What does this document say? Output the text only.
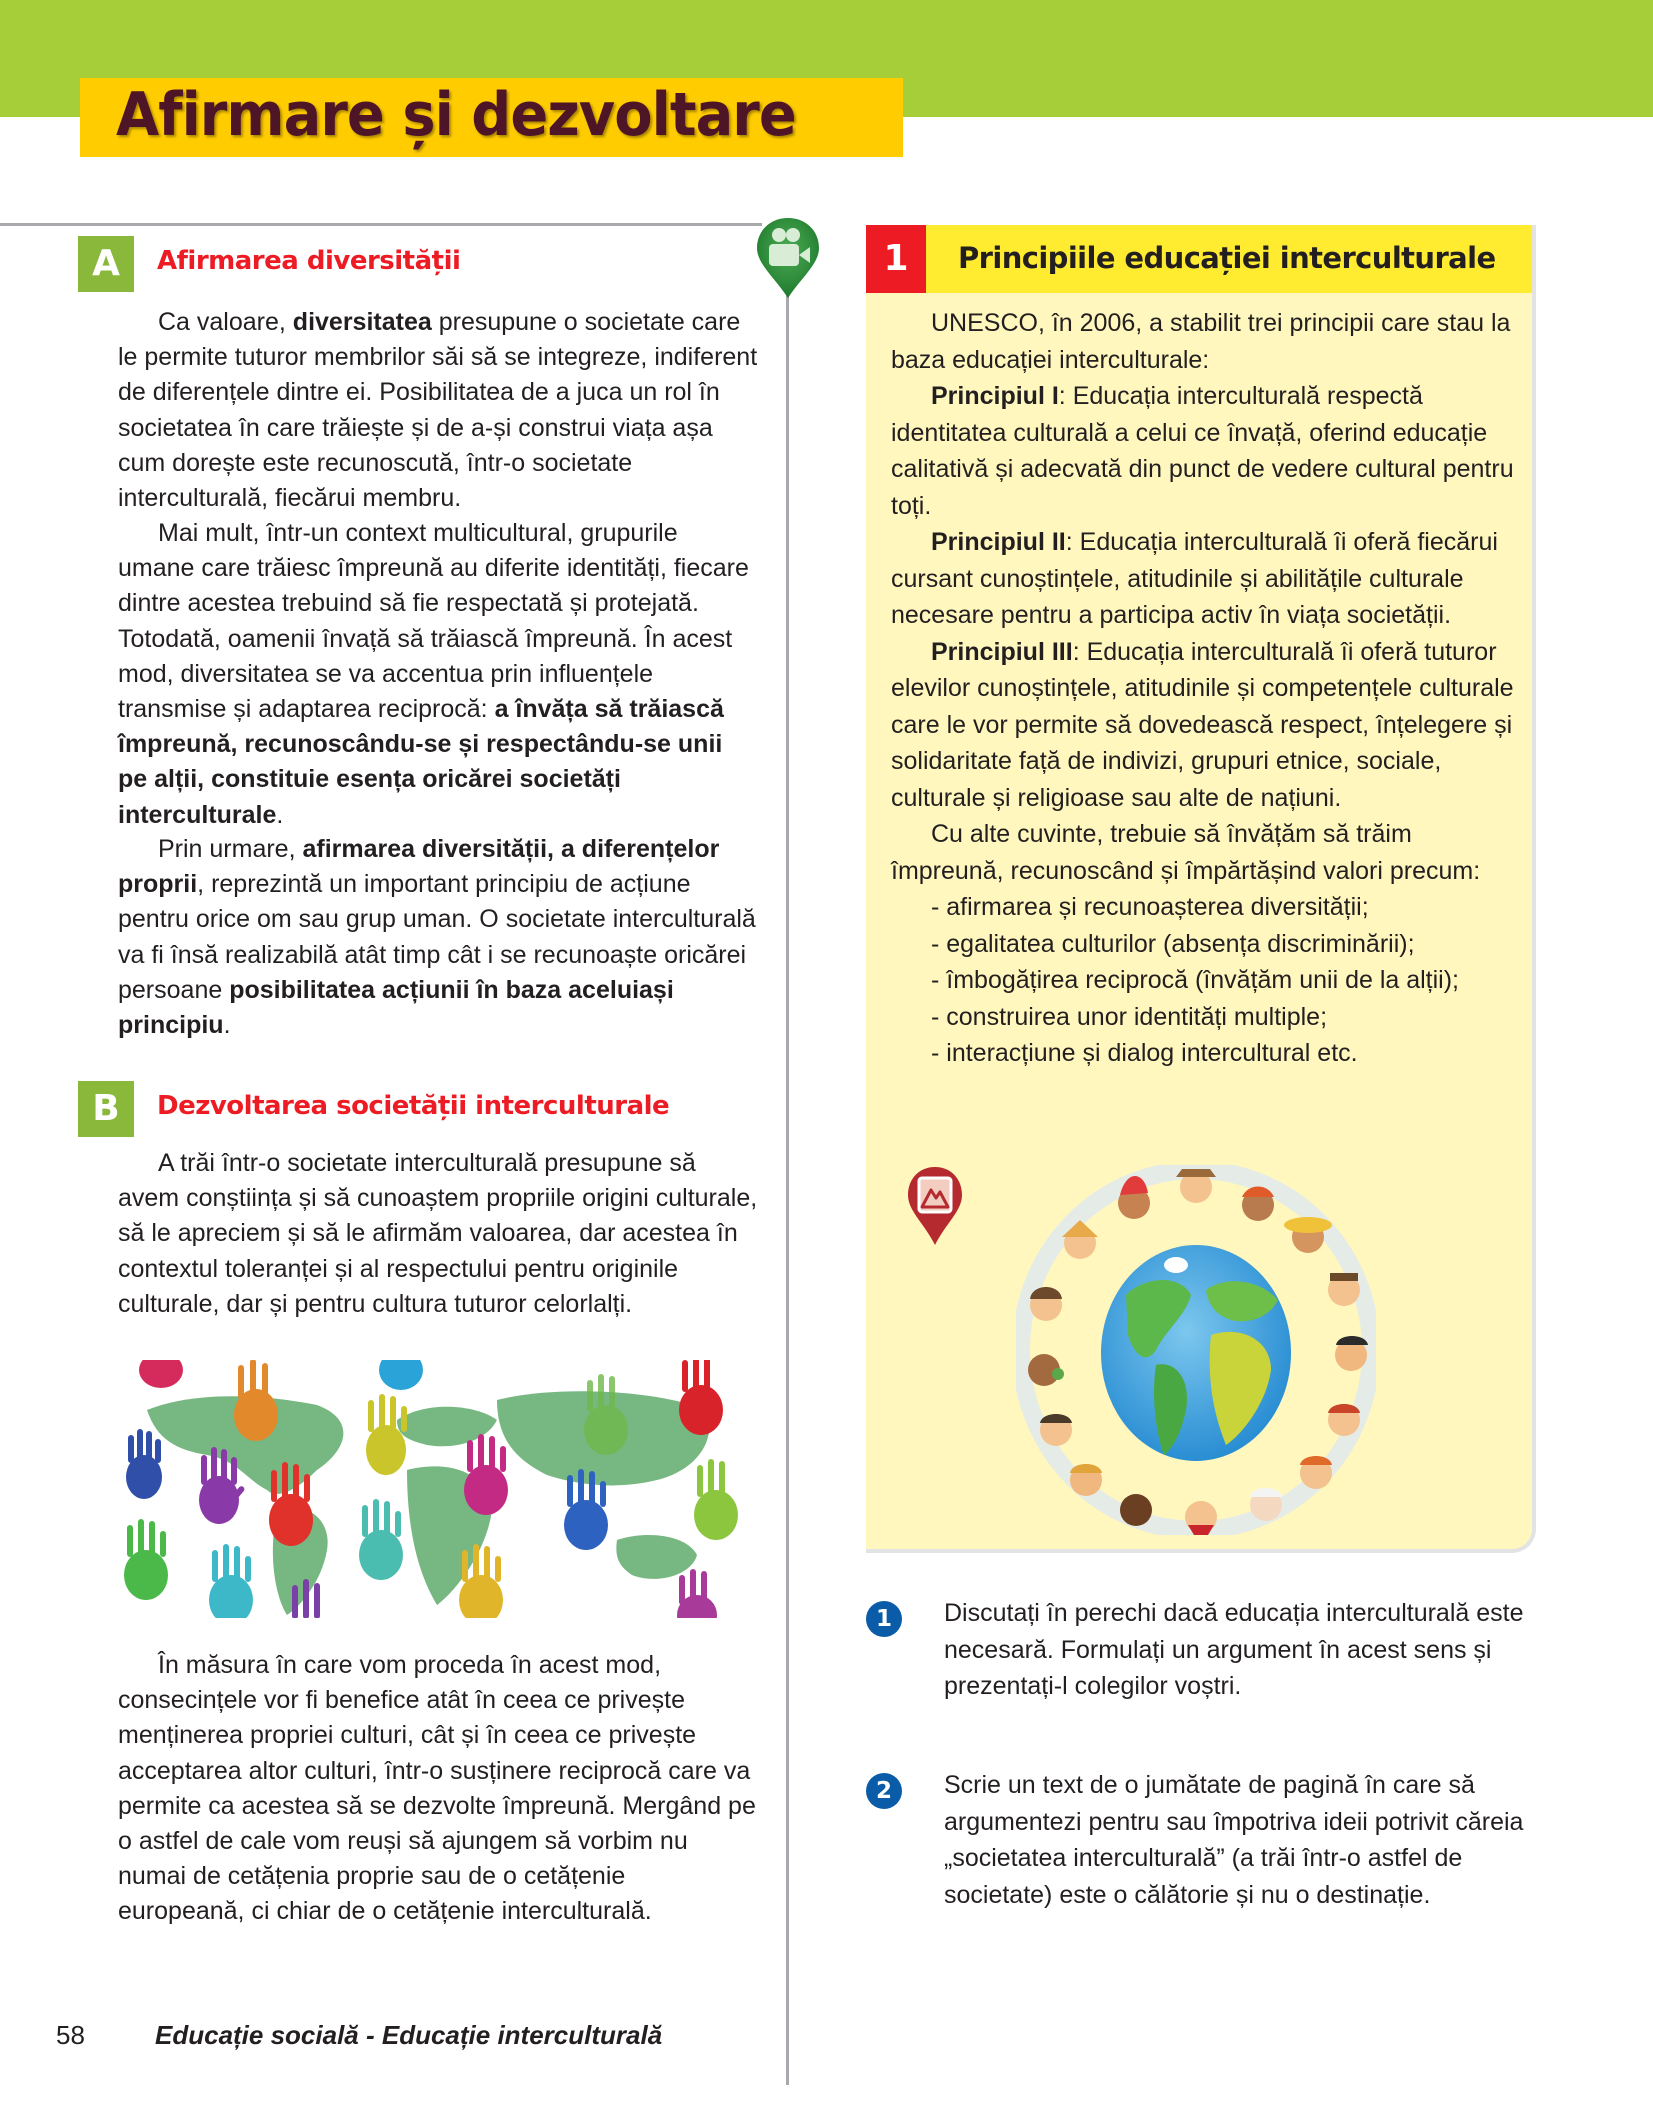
Afirmare și dezvoltare
A	Afirmarea diversității

Ca valoare, diversitatea presupune o societate care le permite tuturor membrilor săi să se integreze, indiferent de diferențele dintre ei. Posibilitatea de a juca un rol în societatea în care trăiește și de a-și construi viața așa cum dorește este recunoscută, într-o societate interculturală, fiecărui membru.

Mai mult, într-un context multicultural, grupurile umane care trăiesc împreună au diferite identități, fiecare dintre acestea trebuind să fie respectată și protejată. Totodată, oamenii învață să trăiască împreună. În acest mod, diversitatea se va accentua prin influențele transmise și adaptarea reciprocă: a învăța să trăiască împreună, recunoscându-se și respectându-se unii pe alții, constituie esența oricărei societăți interculturale.

Prin urmare, afirmarea diversității, a diferențelor proprii, reprezintă un important principiu de acțiune pentru orice om sau grup uman. O societate interculturală va fi însă realizabilă atât timp cât i se recunoaște oricărei persoane posibilitatea acțiunii în baza aceluiași principiu.

B	Dezvoltarea societății interculturale

A trăi într-o societate interculturală presupune să avem conștiința și să cunoaștem propriile origini culturale, să le apreciem și să le afirmăm valoarea, dar acestea în contextul toleranței și al respectului pentru originile culturale, dar și pentru cultura tuturor celorlalți.

În măsura în care vom proceda în acest mod, consecințele vor fi benefice atât în ceea ce privește menținerea propriei culturi, cât și în ceea ce privește acceptarea altor culturi, într-o susținere reciprocă care va permite ca acestea să se dezvolte împreună. Mergând pe o astfel de cale vom reuși să ajungem să vorbim nu numai de cetățenia proprie sau de o cetățenie europeană, ci chiar de o cetățenie interculturală.

1	Principiile educației interculturale

UNESCO, în 2006, a stabilit trei principii care stau la baza educației interculturale:
Principiul I: Educația interculturală respectă identitatea culturală a celui ce învață, oferind educație calitativă și adecvată din punct de vedere cultural pentru toți.
Principiul II: Educația interculturală îi oferă fiecărui cursant cunoștințele, atitudinile și abilitățile culturale necesare pentru a participa activ în viața societății.
Principiul III: Educația interculturală îi oferă tuturor elevilor cunoștințele, atitudinile și competențele culturale care le vor permite să dovedească respect, înțelegere și solidaritate față de indivizi, grupuri etnice, sociale, culturale și religioase sau alte de națiuni.
Cu alte cuvinte, trebuie să învățăm să trăim împreună, recunoscând și împărtășind valori precum:

- afirmarea și recunoașterea diversității;
- egalitatea culturilor (absența discriminării);
- îmbogățirea reciprocă (învățăm unii de la alții);
- construirea unor identități multiple;
- interacțiune și dialog intercultural etc.

1	Discutați în perechi dacă educația interculturală este necesară. Formulați un argument în acest sens și prezentați-l colegilor voștri.

2	Scrie un text de o jumătate de pagină în care să argumentezi pentru sau împotriva ideii potrivit căreia „societatea interculturală” (a trăi într-o astfel de societate) este o călătorie și nu o destinație.

58	Educație socială - Educație interculturală
